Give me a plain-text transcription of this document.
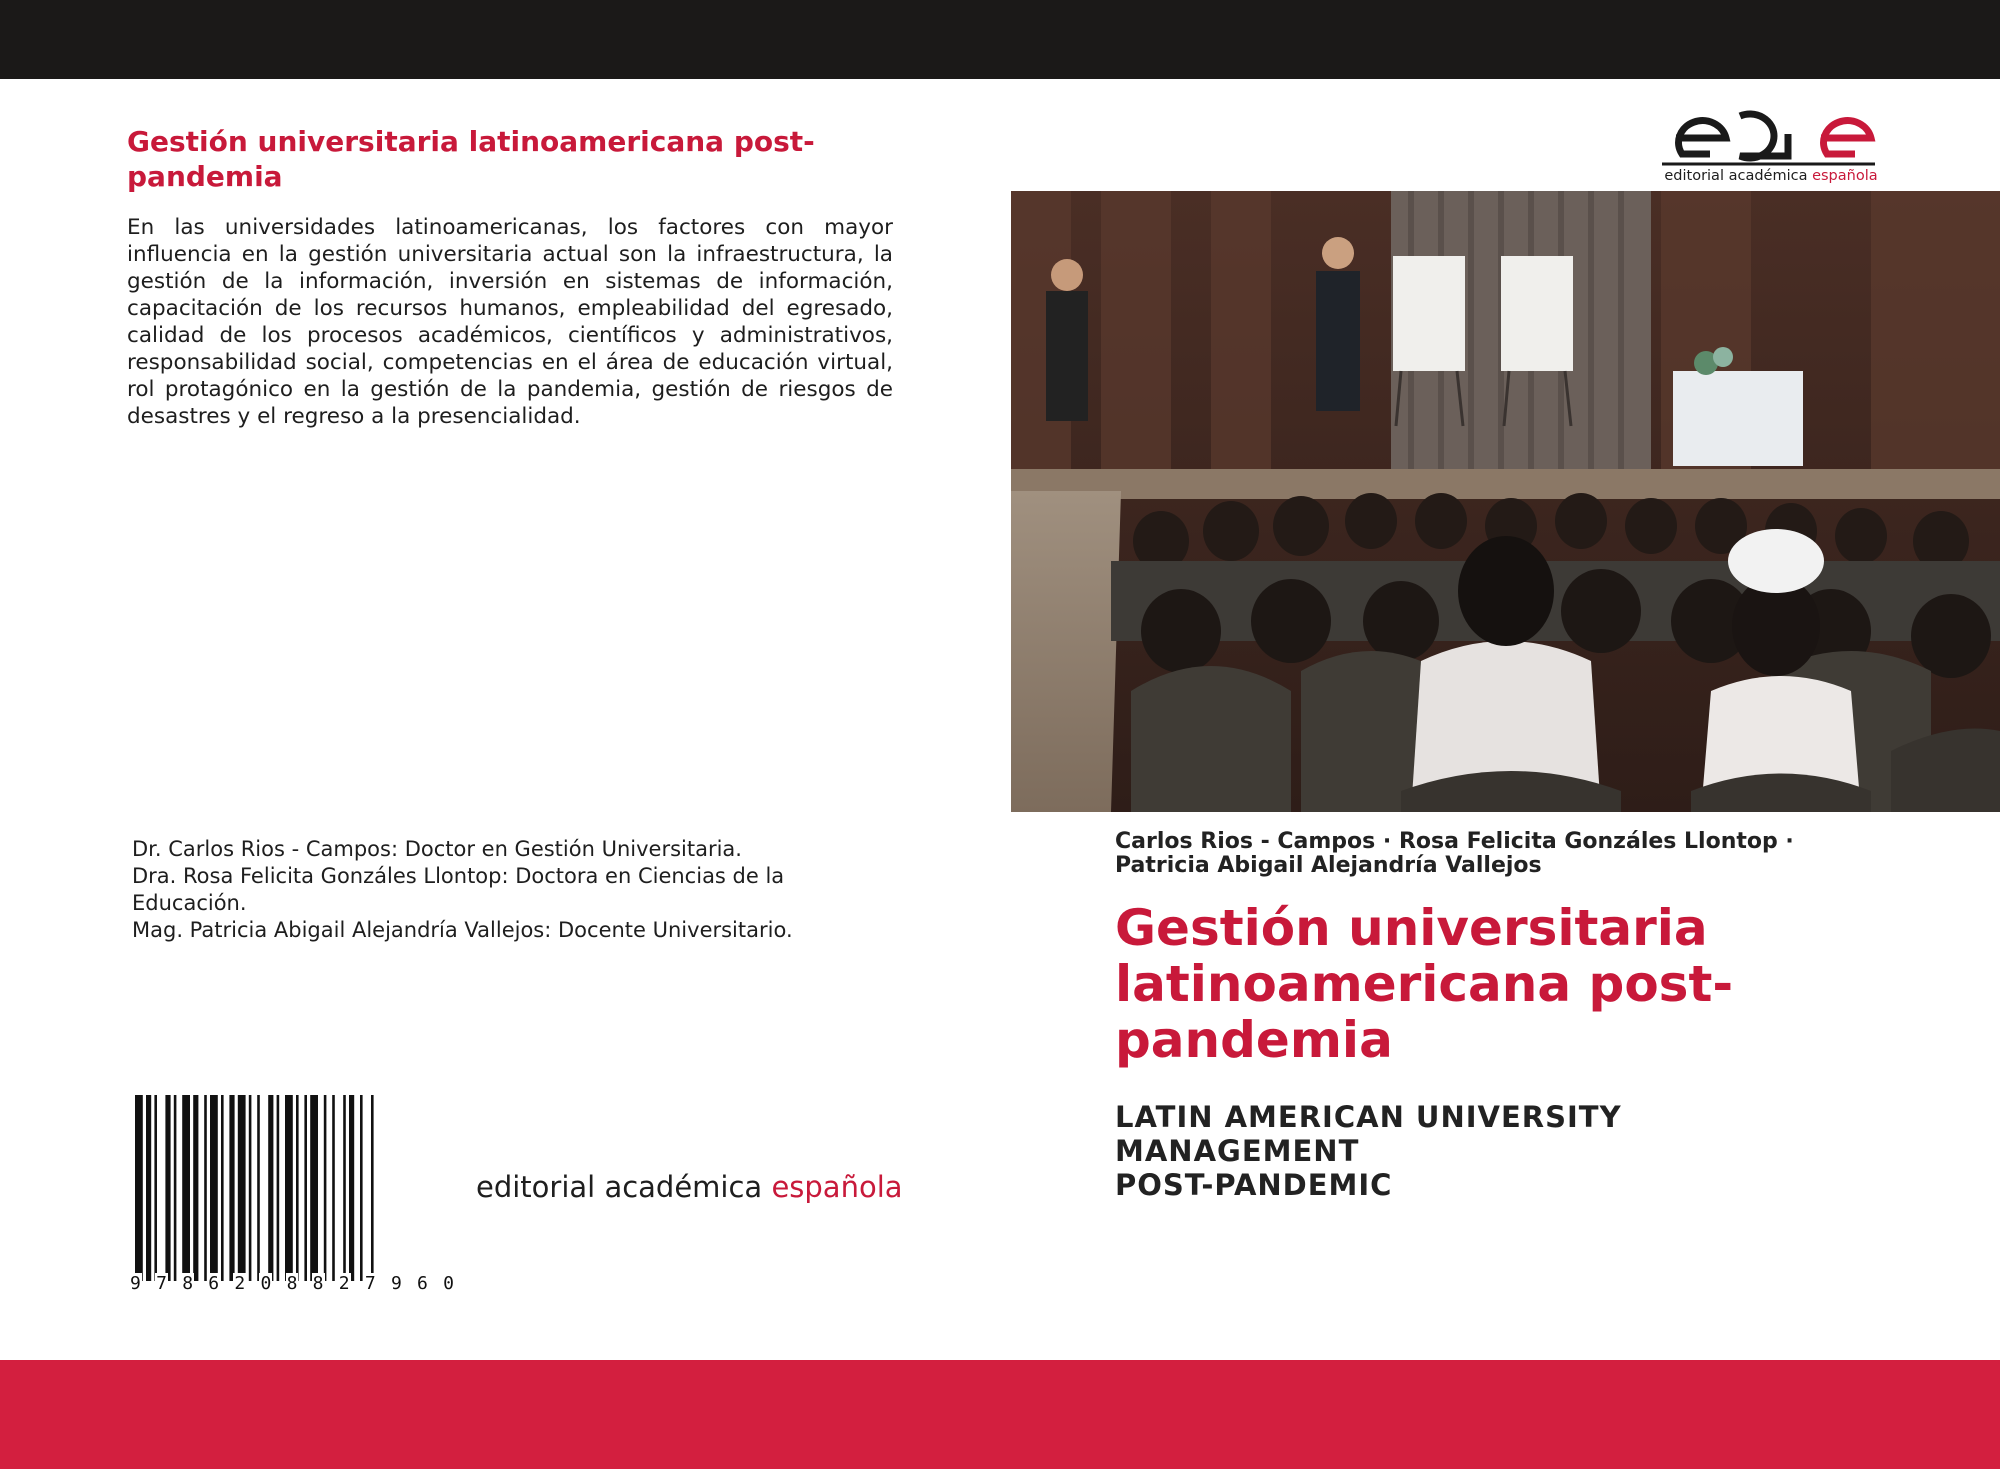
Gestión universitaria latinoamericana post-
pandemia

En las universidades latinoamericanas, los factores con mayor influencia en la gestión universitaria actual son la infraestructura, la gestión de la información, inversión en sistemas de información, capacitación de los recursos humanos, empleabilidad del egresado, calidad de los procesos académicos, científicos y administrativos, responsabilidad social, competencias en el área de educación virtual, rol protagónico en la gestión de la pandemia, gestión de riesgos de desastres y el regreso a la presencialidad.

Dr. Carlos Rios - Campos: Doctor en Gestión Universitaria.

Dra. Rosa Felicita Gonzáles Llontop: Doctora en Ciencias de la

Educación.

Mag. Patricia Abigail Alejandría Vallejos: Docente Universitario.

9 7 8 6 2 0 8 8 2 7 9 6 0
editorial académica española
editorial académica española

Carlos Rios - Campos · Rosa Felicita Gonzáles Llontop ·
Patricia Abigail Alejandría Vallejos

Gestión universitaria
latinoamericana post-
pandemia

LATIN AMERICAN UNIVERSITY
MANAGEMENT
POST-PANDEMIC
